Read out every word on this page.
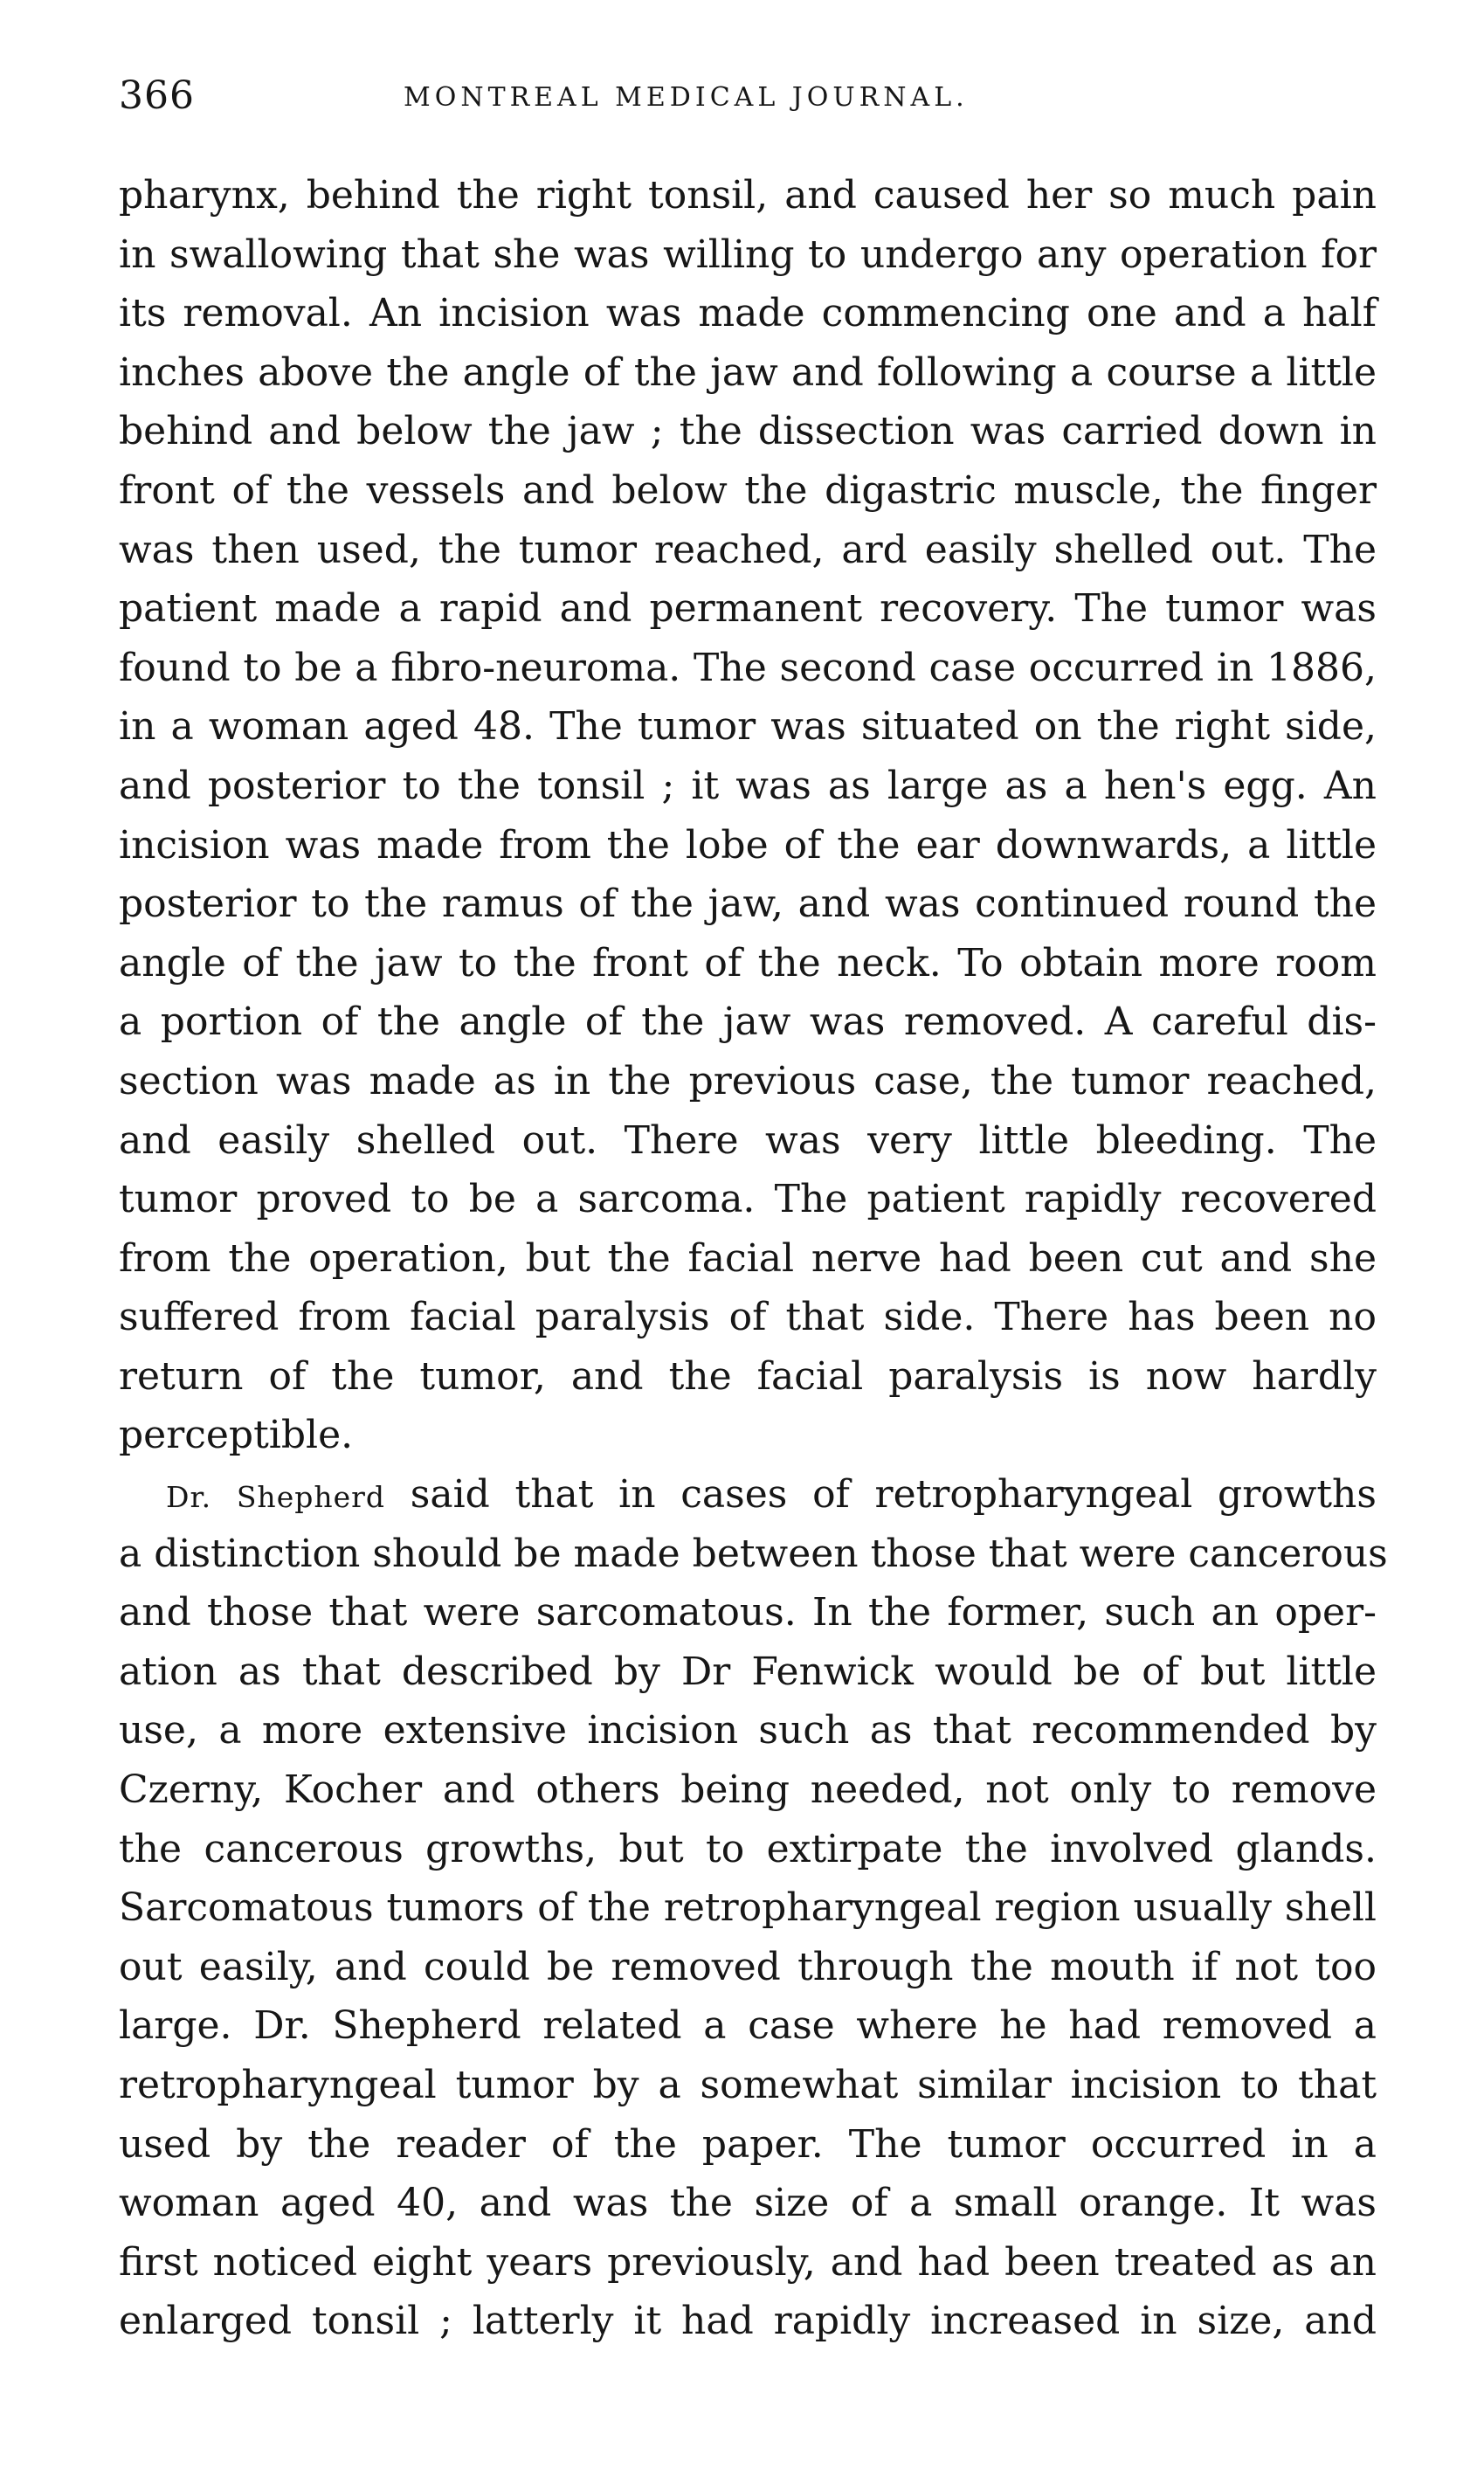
366	MONTREAL MEDICAL JOURNAL.
pharynx, behind the right tonsil, and caused her so much pain
in swallowing that she was willing to undergo any operation for
its removal. An incision was made commencing one and a half
inches above the angle of the jaw and following a course a little
behind and below the jaw ; the dissection was carried down in
front of the vessels and below the digastric muscle, the finger
was then used, the tumor reached, ard easily shelled out. The
patient made a rapid and permanent recovery. The tumor was
found to be a fibro-neuroma. The second case occurred in 1886,
in a woman aged 48. The tumor was situated on the right side,
and posterior to the tonsil ; it was as large as a hen's egg. An
incision was made from the lobe of the ear downwards, a little
posterior to the ramus of the jaw, and was continued round the
angle of the jaw to the front of the neck. To obtain more room
a portion of the angle of the jaw was removed. A careful dis-
section was made as in the previous case, the tumor reached,
and easily shelled out. There was very little bleeding. The
tumor proved to be a sarcoma. The patient rapidly recovered
from the operation, but the facial nerve had been cut and she
suffered from facial paralysis of that side. There has been no
return of the tumor, and the facial paralysis is now hardly
perceptible.
Dr. Shepherd said that in cases of retropharyngeal growths
a distinction should be made between those that were cancerous
and those that were sarcomatous. In the former, such an oper-
ation as that described by Dr Fenwick would be of but little
use, a more extensive incision such as that recommended by
Czerny, Kocher and others being needed, not only to remove
the cancerous growths, but to extirpate the involved glands.
Sarcomatous tumors of the retropharyngeal region usually shell
out easily, and could be removed through the mouth if not too
large. Dr. Shepherd related a case where he had removed a
retropharyngeal tumor by a somewhat similar incision to that
used by the reader of the paper. The tumor occurred in a
woman aged 40, and was the size of a small orange. It was
first noticed eight years previously, and had been treated as an
enlarged tonsil ; latterly it had rapidly increased in size, and
